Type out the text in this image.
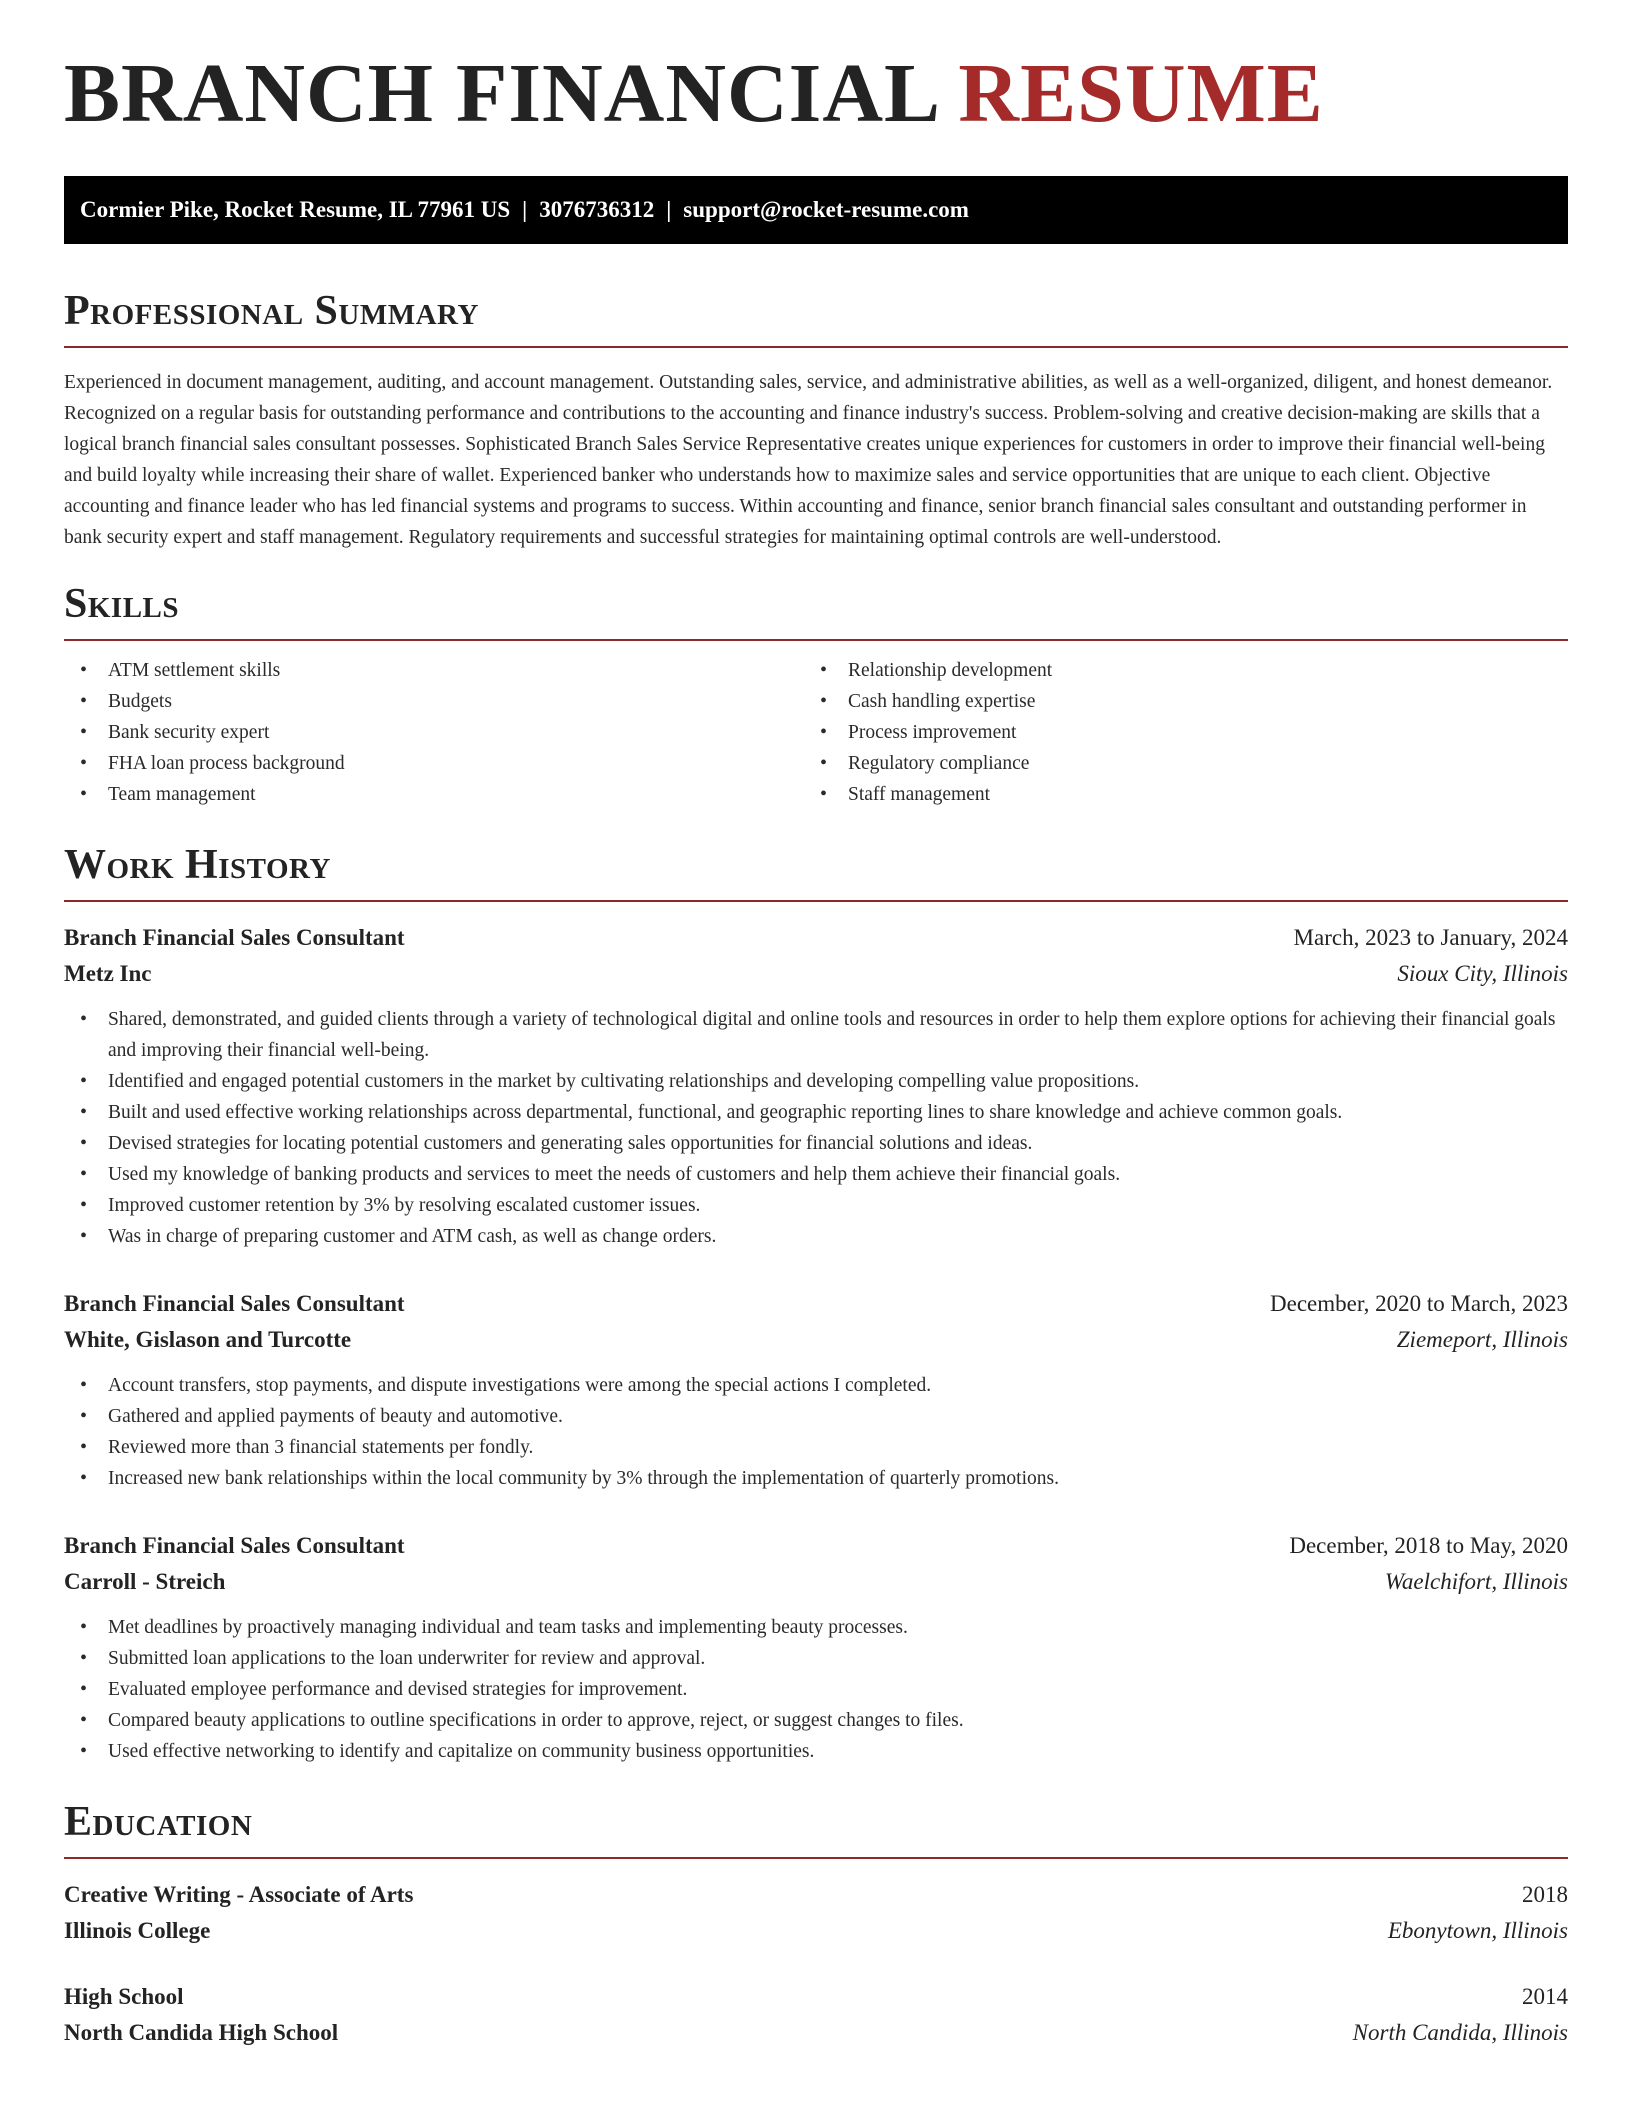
BRANCH FINANCIAL RESUME
Cormier Pike, Rocket Resume, IL 77961 US | 3076736312 | support@rocket-resume.com
Professional Summary

Experienced in document management, auditing, and account management. Outstanding sales, service, and administrative abilities, as well as a well-organized, diligent, and honest demeanor. Recognized on a regular basis for outstanding performance and contributions to the accounting and finance industry's success. Problem-solving and creative decision-making are skills that a logical branch financial sales consultant possesses. Sophisticated Branch Sales Service Representative creates unique experiences for customers in order to improve their financial well-being and build loyalty while increasing their share of wallet. Experienced banker who understands how to maximize sales and service opportunities that are unique to each client. Objective accounting and finance leader who has led financial systems and programs to success. Within accounting and finance, senior branch financial sales consultant and outstanding performer in bank security expert and staff management. Regulatory requirements and successful strategies for maintaining optimal controls are well-understood.

Skills
• ATM settlement skills
• Budgets
• Bank security expert
• FHA loan process background
• Team management
• Relationship development
• Cash handling expertise
• Process improvement
• Regulatory compliance
• Staff management
Work History
Branch Financial Sales Consultant	March, 2023 to January, 2024
Metz Inc	Sioux City, Illinois
• Shared, demonstrated, and guided clients through a variety of technological digital and online tools and resources in order to help them explore options for achieving their financial goals and improving their financial well-being.
• Identified and engaged potential customers in the market by cultivating relationships and developing compelling value propositions.
• Built and used effective working relationships across departmental, functional, and geographic reporting lines to share knowledge and achieve common goals.
• Devised strategies for locating potential customers and generating sales opportunities for financial solutions and ideas.
• Used my knowledge of banking products and services to meet the needs of customers and help them achieve their financial goals.
• Improved customer retention by 3% by resolving escalated customer issues.
• Was in charge of preparing customer and ATM cash, as well as change orders.
Branch Financial Sales Consultant	December, 2020 to March, 2023
White, Gislason and Turcotte	Ziemeport, Illinois
• Account transfers, stop payments, and dispute investigations were among the special actions I completed.
• Gathered and applied payments of beauty and automotive.
• Reviewed more than 3 financial statements per fondly.
• Increased new bank relationships within the local community by 3% through the implementation of quarterly promotions.
Branch Financial Sales Consultant	December, 2018 to May, 2020
Carroll - Streich	Waelchifort, Illinois
• Met deadlines by proactively managing individual and team tasks and implementing beauty processes.
• Submitted loan applications to the loan underwriter for review and approval.
• Evaluated employee performance and devised strategies for improvement.
• Compared beauty applications to outline specifications in order to approve, reject, or suggest changes to files.
• Used effective networking to identify and capitalize on community business opportunities.
Education
Creative Writing - Associate of Arts	2018
Illinois College	Ebonytown, Illinois
High School	2014
North Candida High School	North Candida, Illinois
